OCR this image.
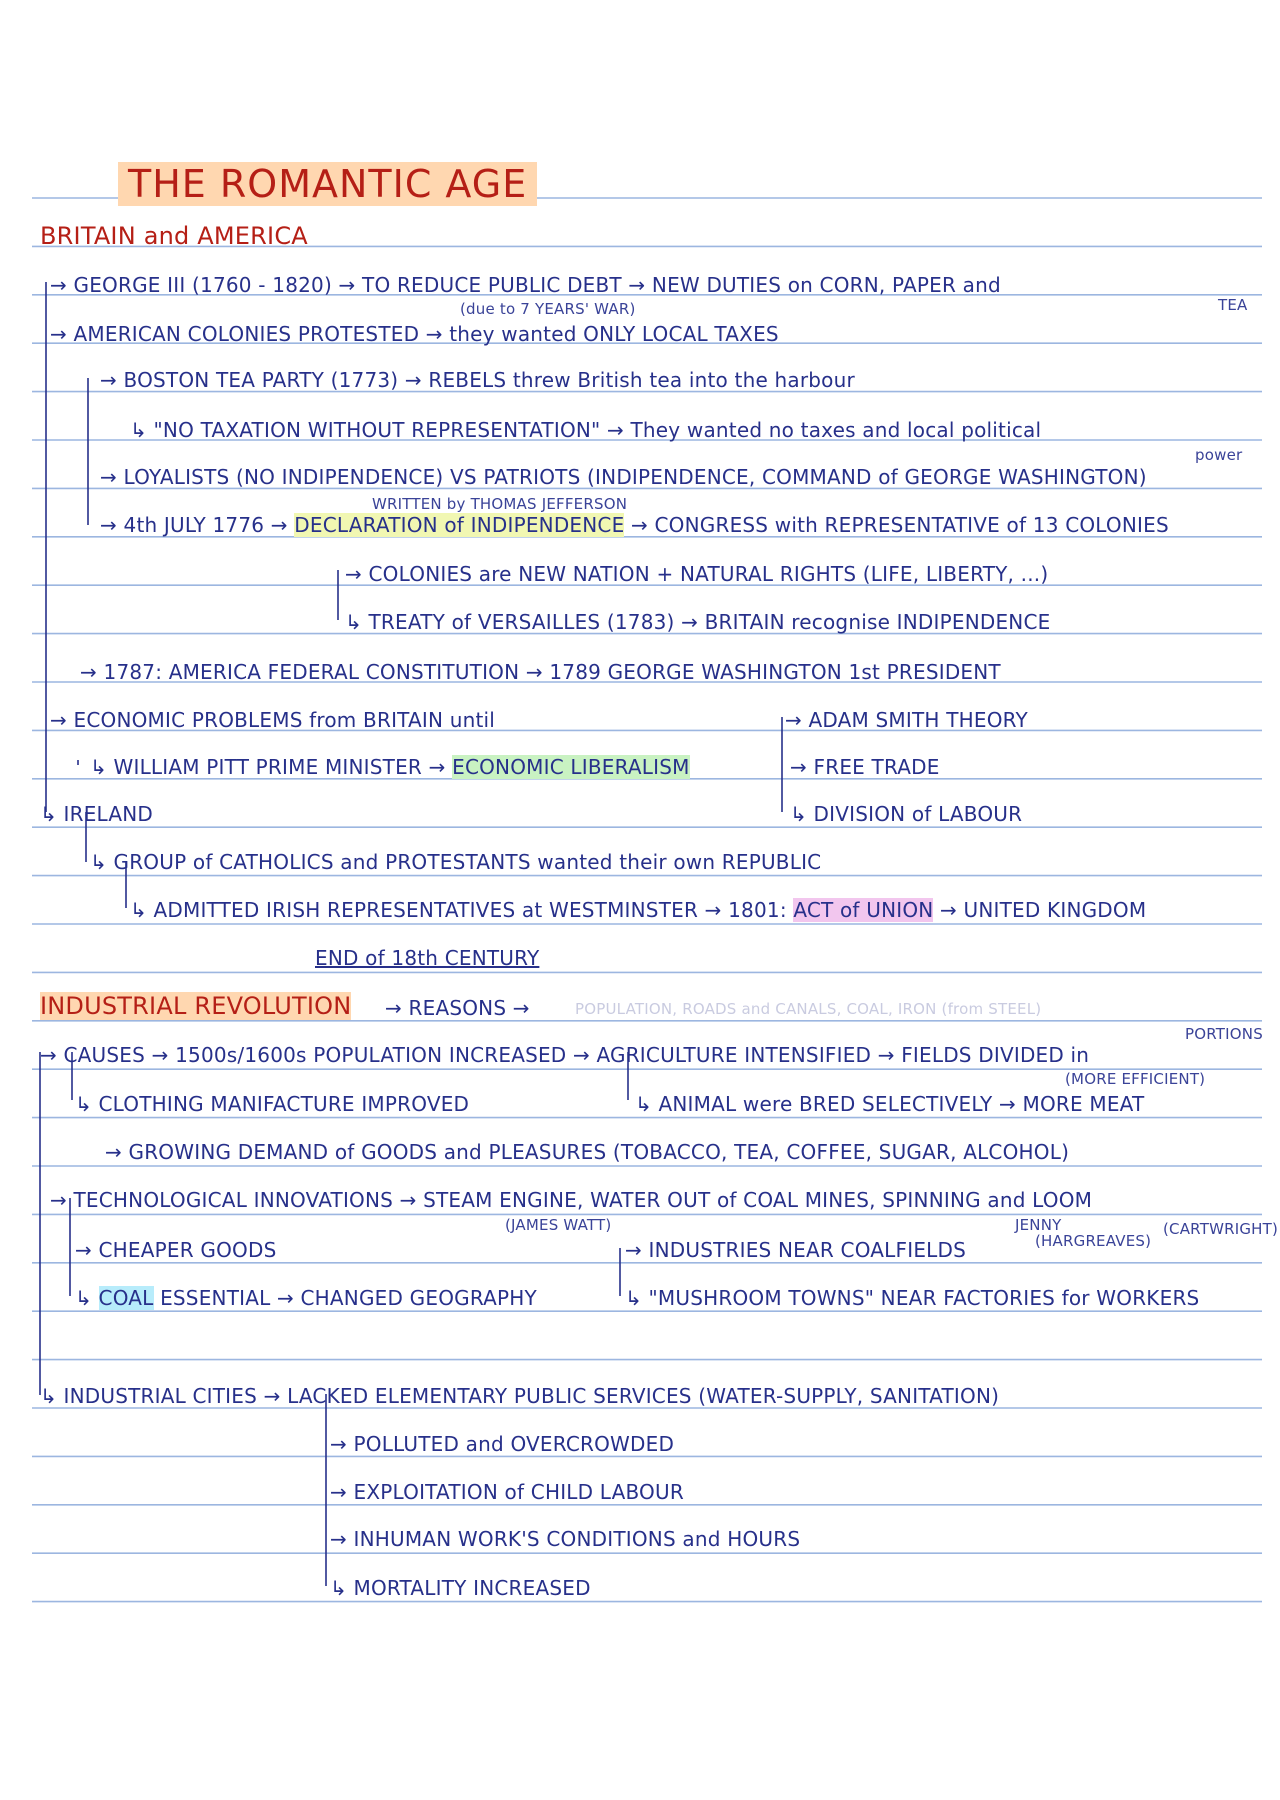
THE ROMANTIC AGE
BRITAIN and AMERICA
→ GEORGE III (1760 - 1820) → TO REDUCE PUBLIC DEBT → NEW DUTIES on CORN, PAPER and
TEA
(due to 7 YEARS' WAR)
→ AMERICAN COLONIES PROTESTED → they wanted ONLY LOCAL TAXES
→ BOSTON TEA PARTY (1773) → REBELS threw British tea into the harbour
↳ "NO TAXATION WITHOUT REPRESENTATION" → They wanted no taxes and local political
power
→ LOYALISTS (NO INDIPENDENCE) VS PATRIOTS (INDIPENDENCE, COMMAND of GEORGE WASHINGTON)
WRITTEN by THOMAS JEFFERSON
→ 4th JULY 1776 → DECLARATION of INDIPENDENCE → CONGRESS with REPRESENTATIVE of 13 COLONIES
→ COLONIES are NEW NATION + NATURAL RIGHTS (LIFE, LIBERTY, ...)
↳ TREATY of VERSAILLES (1783) → BRITAIN recognise INDIPENDENCE
→ 1787: AMERICA FEDERAL CONSTITUTION → 1789 GEORGE WASHINGTON 1st PRESIDENT
→ ECONOMIC PROBLEMS from BRITAIN until	→ ADAM SMITH THEORY
↳ WILLIAM PITT PRIME MINISTER → ECONOMIC LIBERALISM	→ FREE TRADE
↳ IRELAND	↳ DIVISION of LABOUR
↳ GROUP of CATHOLICS and PROTESTANTS wanted their own REPUBLIC
↳ ADMITTED IRISH REPRESENTATIVES at WESTMINSTER → 1801: ACT of UNION → UNITED KINGDOM
END of 18th CENTURY
INDUSTRIAL REVOLUTION → REASONS →	POPULATION, ROADS and CANALS, COAL, IRON (from STEEL)
PORTIONS
→ CAUSES → 1500s/1600s POPULATION INCREASED → AGRICULTURE INTENSIFIED → FIELDS DIVIDED in
(MORE EFFICIENT)
↳ CLOTHING MANIFACTURE IMPROVED	↳ ANIMAL were BRED SELECTIVELY → MORE MEAT
→ GROWING DEMAND of GOODS and PLEASURES (TOBACCO, TEA, COFFEE, SUGAR, ALCOHOL)
→ TECHNOLOGICAL INNOVATIONS → STEAM ENGINE, WATER OUT of COAL MINES, SPINNING and LOOM
(JAMES WATT)	JENNY
(HARGREAVES)
(CARTWRIGHT)
→ CHEAPER GOODS	→ INDUSTRIES NEAR COALFIELDS
↳ COAL ESSENTIAL → CHANGED GEOGRAPHY	↳ "MUSHROOM TOWNS" NEAR FACTORIES for WORKERS
↳ INDUSTRIAL CITIES → LACKED ELEMENTARY PUBLIC SERVICES (WATER-SUPPLY, SANITATION)
→ POLLUTED and OVERCROWDED
→ EXPLOITATION of CHILD LABOUR
→ INHUMAN WORK'S CONDITIONS and HOURS
↳ MORTALITY INCREASED
